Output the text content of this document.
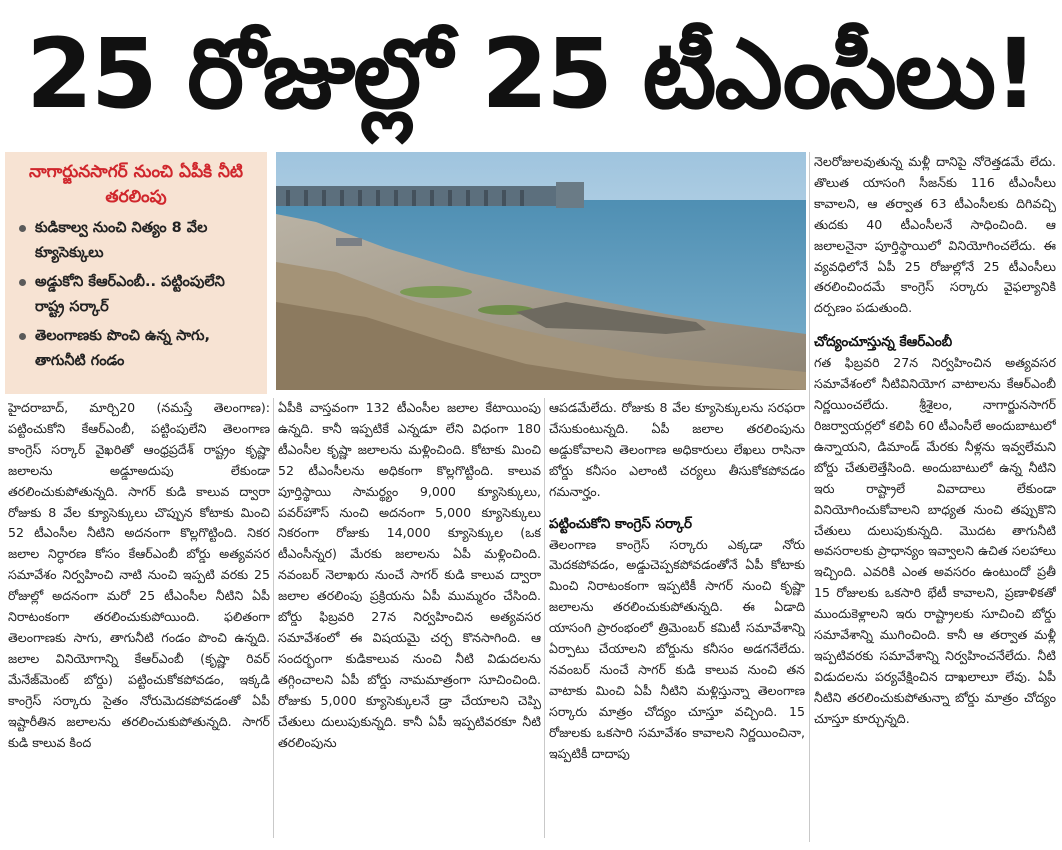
25 రోజుల్లో 25 టీఎంసీలు!
నాగార్జునసాగర్ నుంచి ఏపీకి నీటి తరలింపు
కుడికాల్వ నుంచి నిత్యం 8 వేల క్యూసెక్కులు
అడ్డుకోని కేఆర్‌ఎంబీ.. పట్టింపులేని రాష్ట్ర సర్కార్
తెలంగాణకు పొంచి ఉన్న సాగు, తాగునీటి గండం

హైదరాబాద్, మార్చి20 (నమస్తే తెలంగాణ): పట్టించుకోని కేఆర్‌ఎంబీ, పట్టింపులేని తెలంగాణ కాంగ్రెస్ సర్కార్ వైఖరితో ఆంధ్రప్రదేశ్ రాష్ట్రం కృష్ణా జలాలను అడ్డూఅదుపు లేకుండా తరలించుకుపోతున్నది. సాగర్ కుడి కాలువ ద్వారా రోజుకు 8 వేల క్యూసెక్కులు చొప్పున కోటాకు మించి 52 టీఎంసీల నీటిని అదనంగా కొల్లగొట్టింది. నికర జలాల నిర్ధారణ కోసం కేఆర్‌ఎంబీ బోర్డు అత్యవసర సమావేశం నిర్వహించి నాటి నుంచి ఇప్పటి వరకు 25 రోజుల్లో అదనంగా మరో 25 టీఎంసీల నీటిని ఏపీ నిరాటంకంగా తరలించుకుపోయింది. ఫలితంగా తెలంగాణకు సాగు, తాగునీటి గండం పొంచి ఉన్నది. జలాల వినియోగాన్ని కేఆర్‌ఎంబీ (కృష్ణా రివర్ మేనేజ్‌మెంట్ బోర్డు) పట్టించుకోకపోవడం, ఇక్కడి కాంగ్రెస్ సర్కారు సైతం నోరుమెదకపోవడంతో ఏపీ ఇష్టారీతిన జలాలను తరలించుకుపోతున్నది. సాగర్ కుడి కాలువ కింద

ఏపీకి వాస్తవంగా 132 టీఎంసీల జలాల కేటాయింపు ఉన్నది. కానీ ఇప్పటికే ఎన్నడూ లేని విధంగా 180 టీఎంసీల కృష్ణా జలాలను మళ్లించింది. కోటాకు మించి 52 టీఎంసీలను అధికంగా కొల్లగొట్టింది. కాలువ పూర్తిస్థాయి సామర్థ్యం 9,000 క్యూసెక్కులు, పవర్‌హౌస్ నుంచి అదనంగా 5,000 క్యూసెక్కులు నికరంగా రోజుకు 14,000 క్యూసెక్కుల (ఒక టీఎంసీన్నర) మేరకు జలాలను ఏపీ మళ్లించింది. నవంబర్ నెలాఖరు నుంచే సాగర్ కుడి కాలువ ద్వారా జలాల తరలింపు ప్రక్రియను ఏపీ ముమ్మరం చేసింది. బోర్డు ఫిబ్రవరి 27న నిర్వహించిన అత్యవసర సమావేశంలో ఈ విషయమై చర్చ కొనసాగింది. ఆ సందర్భంగా కుడికాలువ నుంచి నీటి విడుదలను తగ్గించాలని ఏపీ బోర్డు నామమాత్రంగా సూచించింది. రోజుకు 5,000 క్యూసెక్కులనే డ్రా చేయాలని చెప్పి చేతులు దులుపుకున్నది. కానీ ఏపీ ఇప్పటివరకూ నీటి తరలింపును

ఆపడమేలేదు. రోజుకు 8 వేల క్యూసెక్కులను సరఫరా చేసుకుంటున్నది. ఏపీ జలాల తరలింపును అడ్డుకోవాలని తెలంగాణ అధికారులు లేఖలు రాసినా బోర్డు కనీసం ఎలాంటి చర్యలు తీసుకోకపోవడం గమనార్హం.

పట్టించుకోని కాంగ్రెస్ సర్కార్

తెలంగాణ కాంగ్రెస్ సర్కారు ఎక్కడా నోరు మెదకపోవడం, అడ్డుచెప్పకపోవడంతోనే ఏపీ కోటాకు మించి నిరాటంకంగా ఇప్పటికీ సాగర్ నుంచి కృష్ణా జలాలను తరలించుకుపోతున్నది. ఈ ఏడాది యాసంగి ప్రారంభంలో త్రిమెంబర్ కమిటీ సమావేశాన్ని ఏర్పాటు చేయాలని బోర్డును కనీసం అడగనేలేదు. నవంబర్ నుంచే సాగర్ కుడి కాలువ నుంచి తన వాటాకు మించి ఏపీ నీటిని మళ్లిస్తున్నా తెలంగాణ సర్కారు మాత్రం చోద్యం చూస్తూ వచ్చింది. 15 రోజులకు ఒకసారి సమావేశం కావాలని నిర్ణయించినా, ఇప్పటికీ దాదాపు

నెలరోజులవుతున్న మళ్లీ దానిపై నోరెత్తడమే లేదు. తొలుత యాసంగి సీజన్‌కు 116 టీఎంసీలు కావాలని, ఆ తర్వాత 63 టీఎంసీలకు దిగివచ్చి తుదకు 40 టీఎంసీలనే సాధించింది. ఆ జలాలనైనా పూర్తిస్థాయిలో వినియోగించలేదు. ఈ వ్యవధిలోనే ఏపీ 25 రోజుల్లోనే 25 టీఎంసీలు తరలించిందమే కాంగ్రెస్ సర్కారు వైఫల్యానికి దర్పణం పడుతుంది.

చోద్యంచూస్తున్న కేఆర్‌ఎంబీ

గత ఫిబ్రవరి 27న నిర్వహించిన అత్యవసర సమావేశంలో నీటివినియోగ వాటాలను కేఆర్‌ఎంబీ నిర్ణయించలేదు. శ్రీశైలం, నాగార్జునసాగర్ రిజర్వాయర్లలో కలిపి 60 టీఎంసీలే అందుబాటులో ఉన్నాయని, డిమాండ్ మేరకు నీళ్లను ఇవ్వలేమని బోర్డు చేతులెత్తేసింది. అందుబాటులో ఉన్న నీటిని ఇరు రాష్ట్రాలే వివాదాలు లేకుండా వినియోగించుకోవాలని బాధ్యత నుంచి తప్పుకొని చేతులు దులుపుకున్నది. మొదట తాగునీటి అవసరాలకు ప్రాధాన్యం ఇవ్వాలని ఉచిత సలహాలు ఇచ్చింది. ఎవరికి ఎంత అవసరం ఉంటుందో ప్రతీ 15 రోజులకు ఒకసారి భేటీ కావాలని, ప్రణాళికతో ముందుకెళ్లాలని ఇరు రాష్ట్రాలకు సూచించి బోర్డు సమావేశాన్ని ముగించింది. కానీ ఆ తర్వాత మళ్లీ ఇప్పటివరకు సమావేశాన్ని నిర్వహించనేలేదు. నీటి విడుదలను పర్యవేక్షించిన దాఖలాలూ లేవు. ఏపీ నీటిని తరలించుకుపోతున్నా బోర్డు మాత్రం చోద్యం చూస్తూ కూర్చున్నది.
